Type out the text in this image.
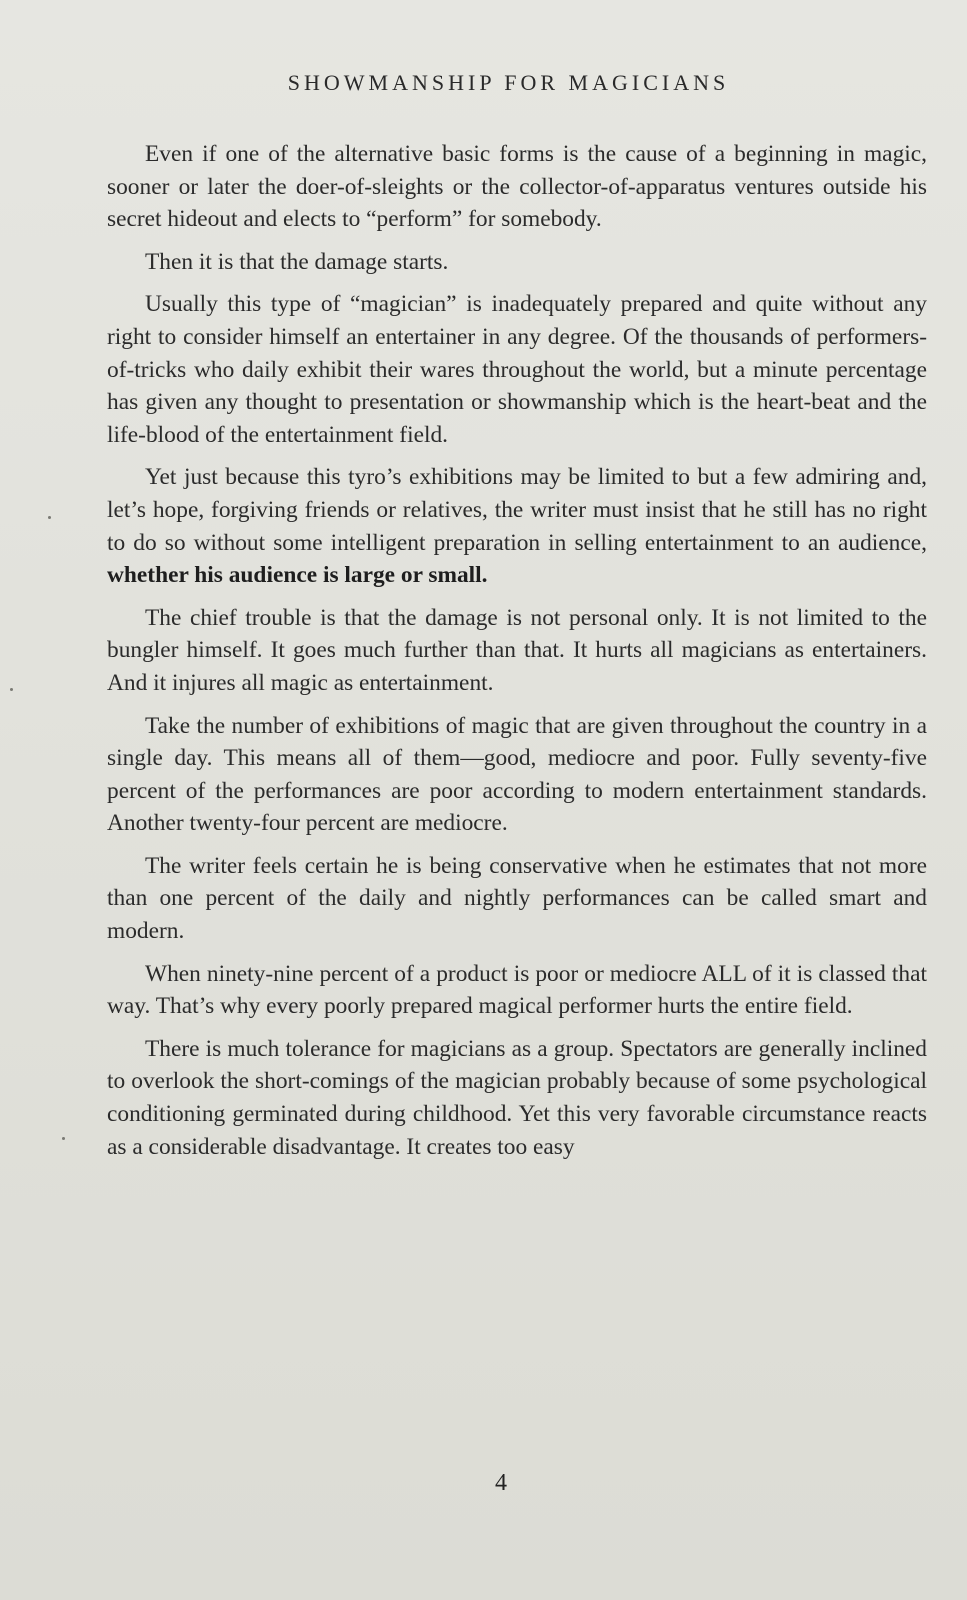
SHOWMANSHIP FOR MAGICIANS

Even if one of the alternative basic forms is the cause of a beginning in magic, sooner or later the doer-of-sleights or the collector-of-apparatus ventures outside his secret hideout and elects to “perform” for somebody.

Then it is that the damage starts.

Usually this type of “magician” is inadequately prepared and quite without any right to consider himself an entertainer in any degree. Of the thousands of performers-of-tricks who daily exhibit their wares throughout the world, but a minute percentage has given any thought to presentation or showmanship which is the heart-beat and the life-blood of the entertainment field.

Yet just because this tyro’s exhibitions may be limited to but a few admiring and, let’s hope, forgiving friends or relatives, the writer must insist that he still has no right to do so without some intelligent preparation in selling entertainment to an audience, whether his audience is large or small.

The chief trouble is that the damage is not personal only. It is not limited to the bungler himself. It goes much further than that. It hurts all magicians as entertainers. And it injures all magic as entertainment.

Take the number of exhibitions of magic that are given throughout the country in a single day. This means all of them—good, mediocre and poor. Fully seventy-five percent of the performances are poor according to modern entertainment standards. Another twenty-four percent are mediocre.

The writer feels certain he is being conservative when he estimates that not more than one percent of the daily and nightly performances can be called smart and modern.

When ninety-nine percent of a product is poor or mediocre ALL of it is classed that way. That’s why every poorly prepared magical performer hurts the entire field.

There is much tolerance for magicians as a group. Spectators are generally inclined to overlook the short-comings of the magician probably because of some psychological conditioning germinated during childhood. Yet this very favorable circumstance reacts as a considerable disadvantage. It creates too easy

4
